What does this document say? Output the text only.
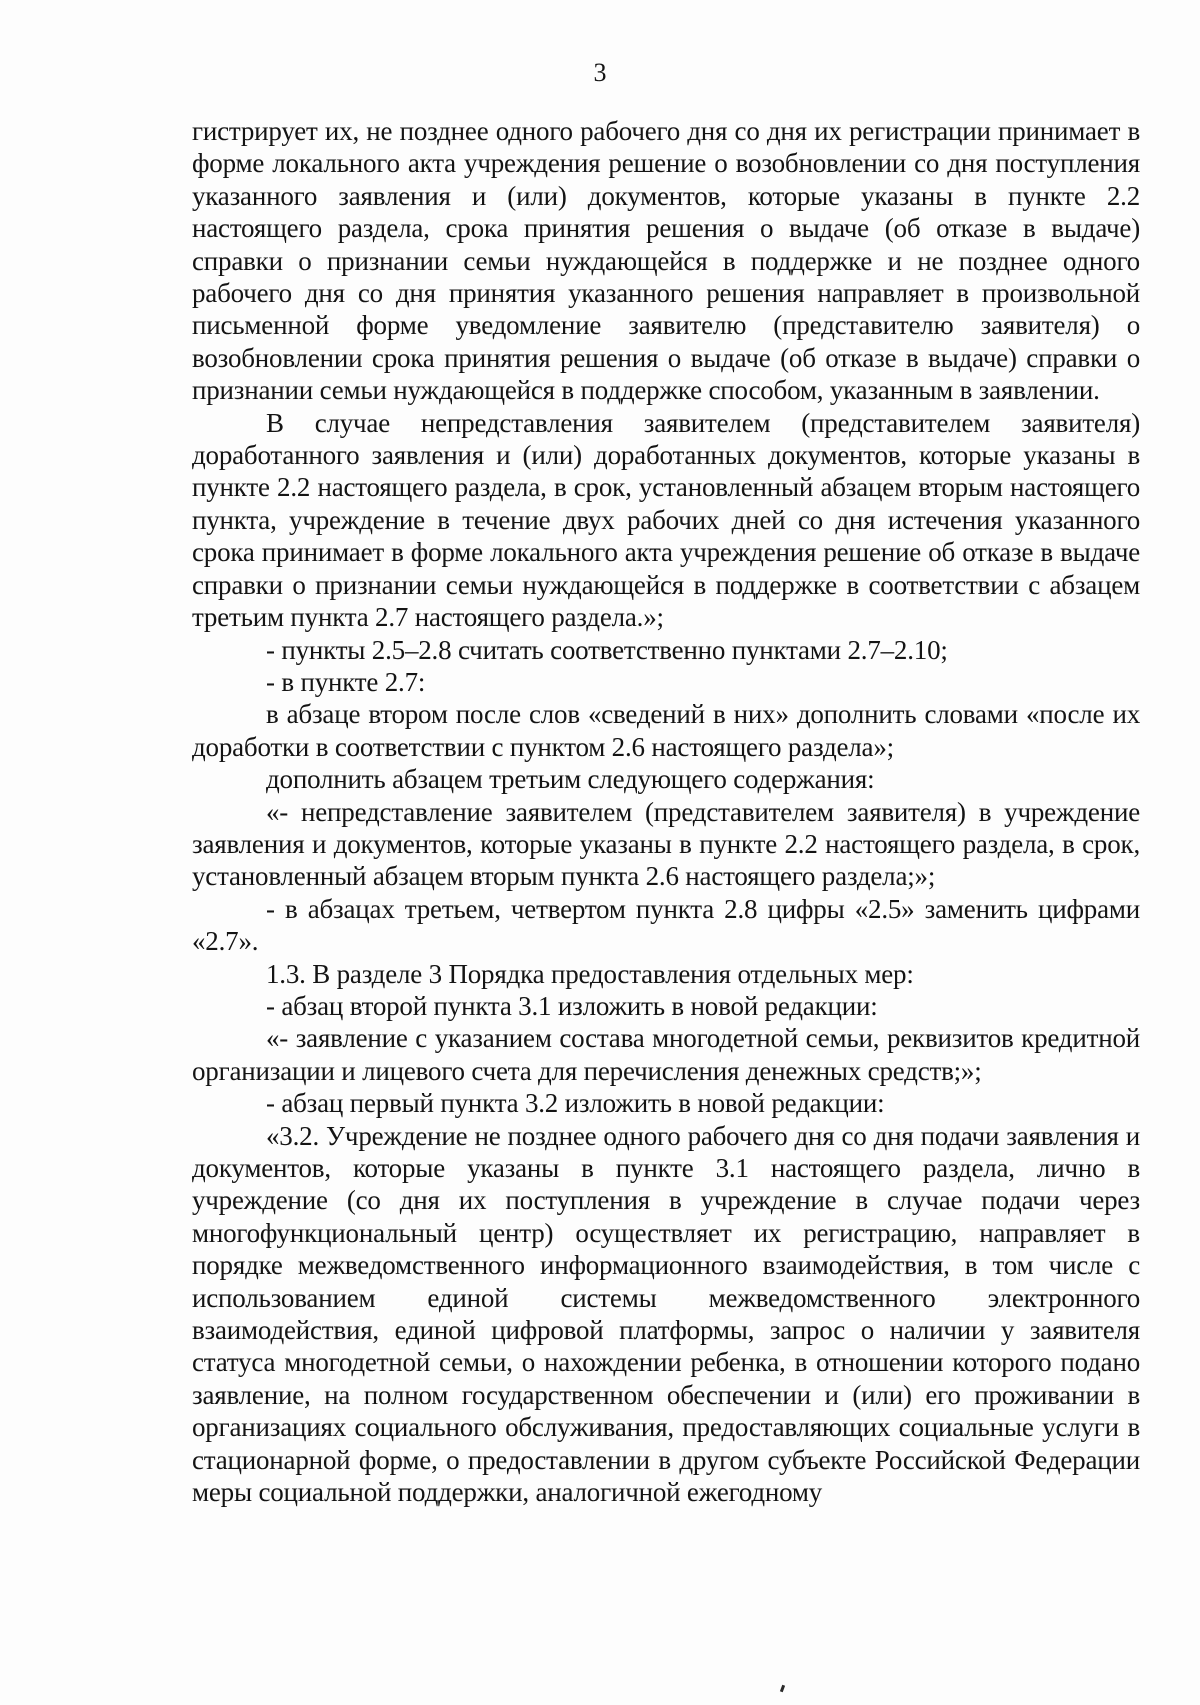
3

гистрирует их, не позднее одного рабочего дня со дня их регистрации принимает в форме локального акта учреждения решение о возобновлении со дня поступления указанного заявления и (или) документов, которые указаны в пункте 2.2 настоящего раздела, срока принятия решения о выдаче (об отказе в выдаче) справки о признании семьи нуждающейся в поддержке и не позднее одного рабочего дня со дня принятия указанного решения направляет в произвольной письменной форме уведомление заявителю (представителю заявителя) о возобновлении срока принятия решения о выдаче (об отказе в выдаче) справки о признании семьи нуждающейся в поддержке способом, указанным в заявлении.

В случае непредставления заявителем (представителем заявителя) доработанного заявления и (или) доработанных документов, которые указаны в пункте 2.2 настоящего раздела, в срок, установленный абзацем вторым настоящего пункта, учреждение в течение двух рабочих дней со дня истечения указанного срока принимает в форме локального акта учреждения решение об отказе в выдаче справки о признании семьи нуждающейся в поддержке в соответствии с абзацем третьим пункта 2.7 настоящего раздела.»;

- пункты 2.5–2.8 считать соответственно пунктами 2.7–2.10;

- в пункте 2.7:

в абзаце втором после слов «сведений в них» дополнить словами «после их доработки в соответствии с пунктом 2.6 настоящего раздела»;

дополнить абзацем третьим следующего содержания:

«- непредставление заявителем (представителем заявителя) в учреждение заявления и документов, которые указаны в пункте 2.2 настоящего раздела, в срок, установленный абзацем вторым пункта 2.6 настоящего раздела;»;

- в абзацах третьем, четвертом пункта 2.8 цифры «2.5» заменить цифрами «2.7».

1.3. В разделе 3 Порядка предоставления отдельных мер:

- абзац второй пункта 3.1 изложить в новой редакции:

«- заявление с указанием состава многодетной семьи, реквизитов кредитной организации и лицевого счета для перечисления денежных средств;»;

- абзац первый пункта 3.2 изложить в новой редакции:

«3.2. Учреждение не позднее одного рабочего дня со дня подачи заявления и документов, которые указаны в пункте 3.1 настоящего раздела, лично в учреждение (со дня их поступления в учреждение в случае подачи через многофункциональный центр) осуществляет их регистрацию, направляет в порядке межведомственного информационного взаимодействия, в том числе с использованием единой системы межведомственного электронного взаимодействия, единой цифровой платформы, запрос о наличии у заявителя статуса многодетной семьи, о нахождении ребенка, в отношении которого подано заявление, на полном государственном обеспечении и (или) его проживании в организациях социального обслуживания, предоставляющих социальные услуги в стационарной форме, о предоставлении в другом субъекте Российской Федерации меры социальной поддержки, аналогичной ежегодному
